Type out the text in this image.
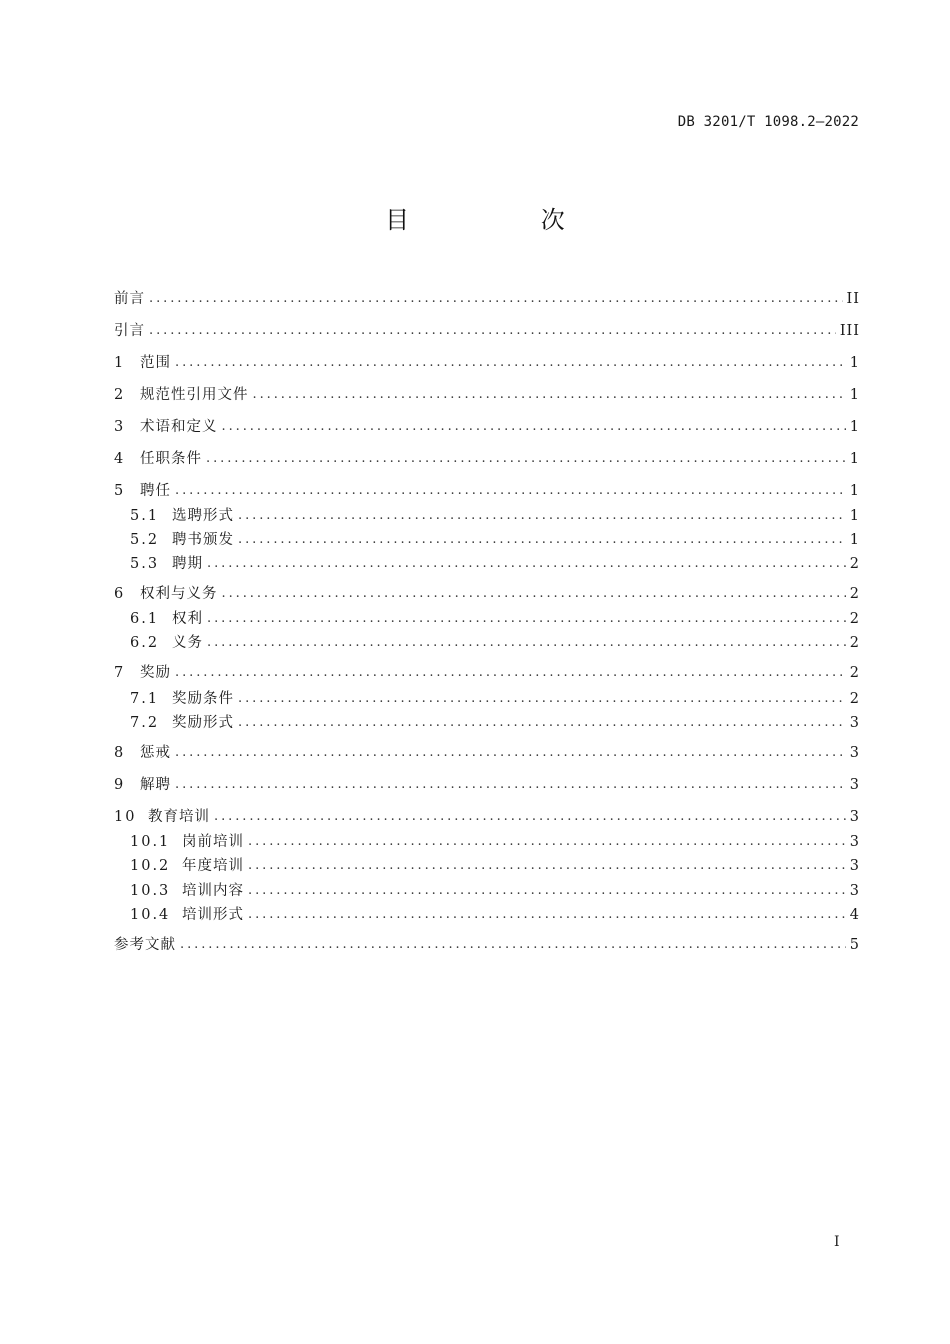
DB 3201/T 1098.2—2022
目 次
前言 . . .	II
引言 . . .	III
1	范围 . . .	1
2	规范性引用文件 . . .	1
3	术语和定义 . . .	1
4	任职条件 . . .	1
5	聘任 . . .	1
5.1 选聘形式 . . .	1
5.2 聘书颁发 . . .	1
5.3 聘期 . . .	2
6	权利与义务 . . .	2
6.1 权利 . . .	2
6.2 义务 . . .	2
7	奖励 . . .	2
7.1 奖励条件 . . .	2
7.2 奖励形式 . . .	3
8	惩戒 . . .	3
9	解聘 . . .	3
10 教育培训 . . .	3
10.1 岗前培训 . . .	3
10.2 年度培训 . . .	3
10.3 培训内容 . . .	3
10.4 培训形式 . . .	4
参考文献 . . .	5
I
